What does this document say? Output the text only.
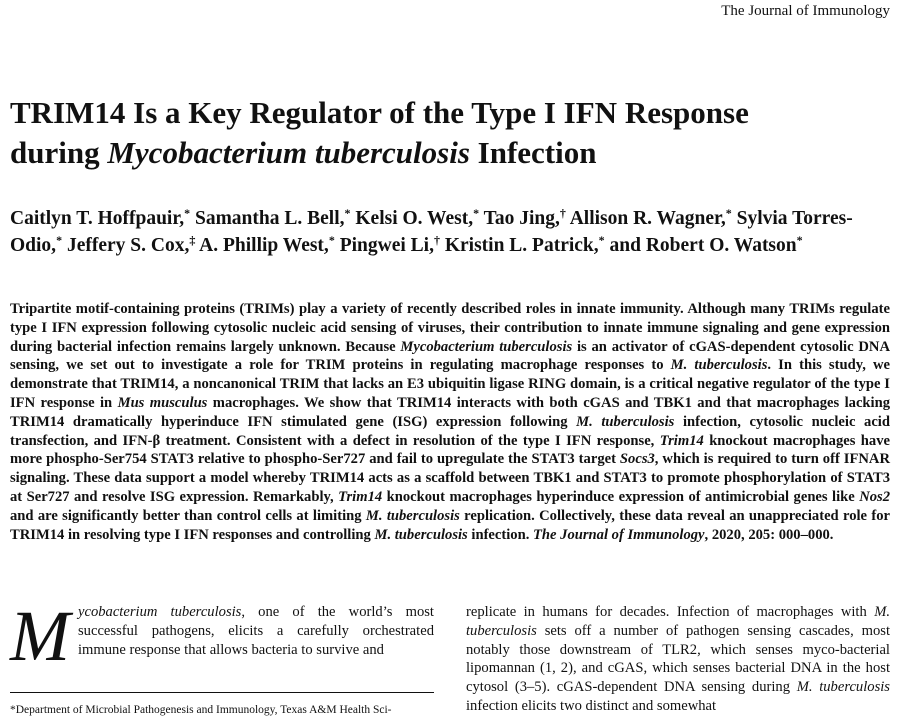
The Journal of Immunology
TRIM14 Is a Key Regulator of the Type I IFN Response
during Mycobacterium tuberculosis Infection

Caitlyn T. Hoffpauir,* Samantha L. Bell,* Kelsi O. West,* Tao Jing,† Allison R. Wagner,* Sylvia Torres-Odio,* Jeffery S. Cox,‡ A. Phillip West,* Pingwei Li,† Kristin L. Patrick,* and Robert O. Watson*

Tripartite motif-containing proteins (TRIMs) play a variety of recently described roles in innate immunity. Although many TRIMs regulate type I IFN expression following cytosolic nucleic acid sensing of viruses, their contribution to innate immune signaling and gene expression during bacterial infection remains largely unknown. Because Mycobacterium tuberculosis is an activator of cGAS-dependent cytosolic DNA sensing, we set out to investigate a role for TRIM proteins in regulating macrophage responses to M. tuberculosis. In this study, we demonstrate that TRIM14, a noncanonical TRIM that lacks an E3 ubiquitin ligase RING domain, is a critical negative regulator of the type I IFN response in Mus musculus macrophages. We show that TRIM14 interacts with both cGAS and TBK1 and that macrophages lacking TRIM14 dramatically hyperinduce IFN stimulated gene (ISG) expression following M. tuberculosis infection, cytosolic nucleic acid transfection, and IFN-β treatment. Consistent with a defect in resolution of the type I IFN response, Trim14 knockout macrophages have more phospho-Ser754 STAT3 relative to phospho-Ser727 and fail to upregulate the STAT3 target Socs3, which is required to turn off IFNAR signaling. These data support a model whereby TRIM14 acts as a scaffold between TBK1 and STAT3 to promote phosphorylation of STAT3 at Ser727 and resolve ISG expression. Remarkably, Trim14 knockout macrophages hyperinduce expression of antimicrobial genes like Nos2 and are significantly better than control cells at limiting M. tuberculosis replication. Collectively, these data reveal an unappreciated role for TRIM14 in resolving type I IFN responses and controlling M. tuberculosis infection. The Journal of Immunology, 2020, 205: 000–000.

M ycobacterium tuberculosis, one of the world’s most successful pathogens, elicits a carefully orchestrated immune response that allows bacteria to survive and

*Department of Microbial Pathogenesis and Immunology, Texas A&M Health Sci-

replicate in humans for decades. Infection of macrophages with M. tuberculosis sets off a number of pathogen sensing cascades, most notably those downstream of TLR2, which senses myco-bacterial lipomannan (1, 2), and cGAS, which senses bacterial DNA in the host cytosol (3–5). cGAS-dependent DNA sensing during M. tuberculosis infection elicits two distinct and somewhat
